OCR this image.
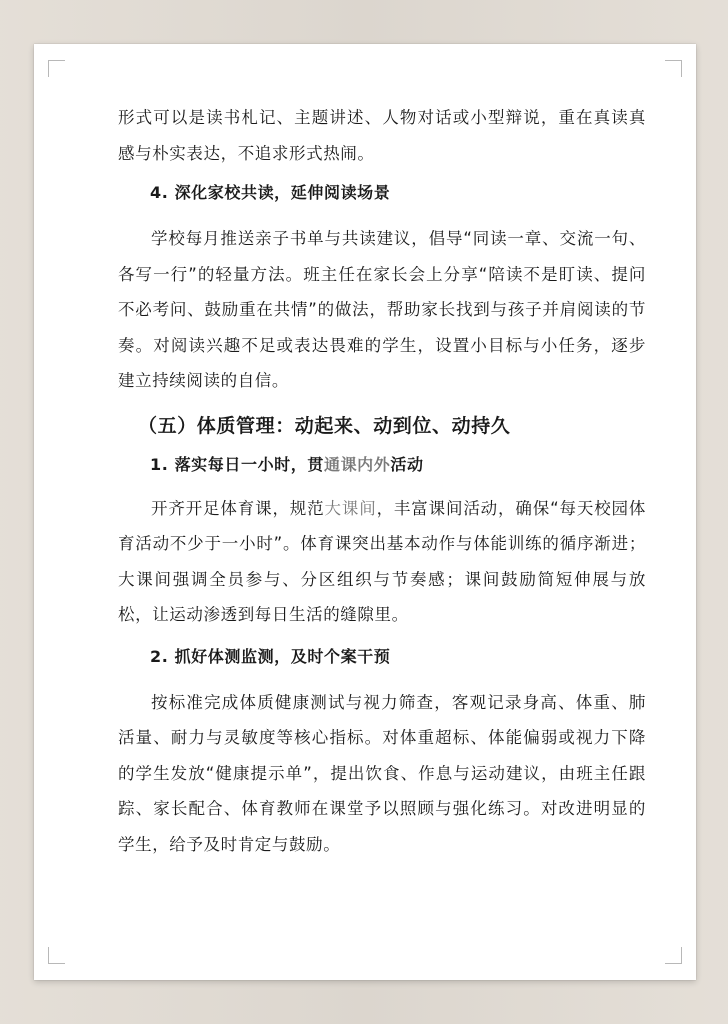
形式可以是读书札记、主题讲述、人物对话或小型辩说，重在真读真感与朴实表达，不追求形式热闹。

4. 深化家校共读，延伸阅读场景

学校每月推送亲子书单与共读建议，倡导“同读一章、交流一句、各写一行”的轻量方法。班主任在家长会上分享“陪读不是盯读、提问不必考问、鼓励重在共情”的做法，帮助家长找到与孩子并肩阅读的节奏。对阅读兴趣不足或表达畏难的学生，设置小目标与小任务，逐步建立持续阅读的自信。

（五）体质管理：动起来、动到位、动持久

1. 落实每日一小时，贯通课内外活动

开齐开足体育课，规范大课间，丰富课间活动，确保“每天校园体育活动不少于一小时”。体育课突出基本动作与体能训练的循序渐进；大课间强调全员参与、分区组织与节奏感；课间鼓励简短伸展与放松，让运动渗透到每日生活的缝隙里。

2. 抓好体测监测，及时个案干预

按标准完成体质健康测试与视力筛查，客观记录身高、体重、肺活量、耐力与灵敏度等核心指标。对体重超标、体能偏弱或视力下降的学生发放“健康提示单”，提出饮食、作息与运动建议，由班主任跟踪、家长配合、体育教师在课堂予以照顾与强化练习。对改进明显的学生，给予及时肯定与鼓励。
